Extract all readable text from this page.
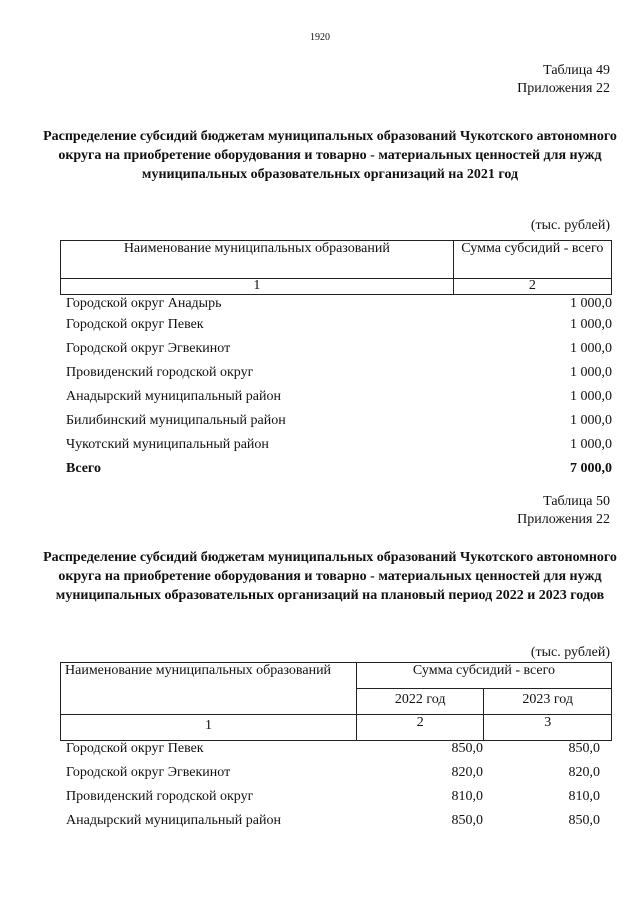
1920
Таблица 49
Приложения 22
Распределение субсидий бюджетам муниципальных образований Чукотского автономного округа на приобретение оборудования и товарно - материальных ценностей для нужд муниципальных образовательных организаций на 2021 год
(тыс. рублей)
Наименование муниципальных образований	Сумма субсидий - всего
1	2
Городской округ Анадырь	1 000,0
Городской округ Певек	1 000,0
Городской округ Эгвекинот	1 000,0
Провиденский городской округ	1 000,0
Анадырский муниципальный район	1 000,0
Билибинский муниципальный район	1 000,0
Чукотский муниципальный район	1 000,0
Всего	7 000,0
Таблица 50
Приложения 22
Распределение субсидий бюджетам муниципальных образований Чукотского автономного округа на приобретение оборудования и товарно - материальных ценностей для нужд муниципальных образовательных организаций на плановый период 2022 и 2023 годов
(тыс. рублей)
Наименование муниципальных образований	Сумма субсидий - всего	
	2022 год	2023 год
1	2	3
Городской округ Певек	850,0	850,0
Городской округ Эгвекинот	820,0	820,0
Провиденский городской округ	810,0	810,0
Анадырский муниципальный район	850,0	850,0
